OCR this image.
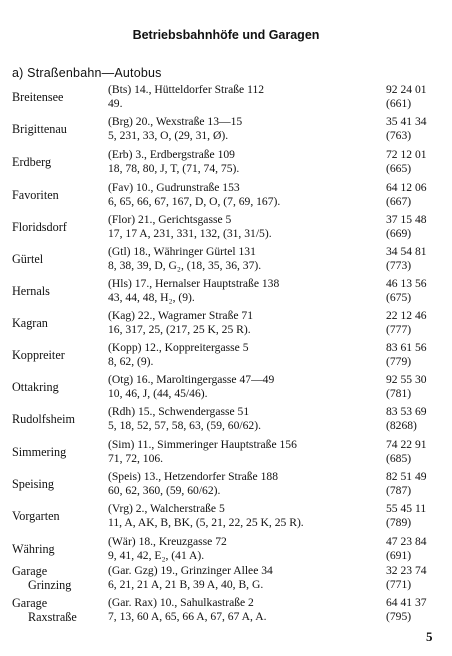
Betriebsbahnhöfe und Garagen
a) Straßenbahn—Autobus
Breitensee
(Bts) 14., Hütteldorfer Straße 112
49.
92 24 01
(661)
Brigittenau
(Brg) 20., Wexstraße 13—15
5, 231, 33, O, (29, 31, Ø).
35 41 34
(763)
Erdberg
(Erb) 3., Erdbergstraße 109
18, 78, 80, J, T, (71, 74, 75).
72 12 01
(665)
Favoriten
(Fav) 10., Gudrunstraße 153
6, 65, 66, 67, 167, D, O, (7, 69, 167).
64 12 06
(667)
Floridsdorf
(Flor) 21., Gerichtsgasse 5
17, 17 A, 231, 331, 132, (31, 31/5).
37 15 48
(669)
Gürtel
(Gtl) 18., Währinger Gürtel 131
8, 38, 39, D, G₂, (18, 35, 36, 37).
34 54 81
(773)
Hernals
(Hls) 17., Hernalser Hauptstraße 138
43, 44, 48, H₂, (9).
46 13 56
(675)
Kagran
(Kag) 22., Wagramer Straße 71
16, 317, 25, (217, 25 K, 25 R).
22 12 46
(777)
Koppreiter
(Kopp) 12., Koppreitergasse 5
8, 62, (9).
83 61 56
(779)
Ottakring
(Otg) 16., Maroltingergasse 47—49
10, 46, J, (44, 45/46).
92 55 30
(781)
Rudolfsheim
(Rdh) 15., Schwendergasse 51
5, 18, 52, 57, 58, 63, (59, 60/62).
83 53 69
(8268)
Simmering
(Sim) 11., Simmeringer Hauptstraße 156
71, 72, 106.
74 22 91
(685)
Speising
(Speis) 13., Hetzendorfer Straße 188
60, 62, 360, (59, 60/62).
82 51 49
(787)
Vorgarten
(Vrg) 2., Walcherstraße 5
11, A, AK, B, BK, (5, 21, 22, 25 K, 25 R).
55 45 11
(789)
Währing
(Wär) 18., Kreuzgasse 72
9, 41, 42, E₂, (41 A).
47 23 84
(691)
Garage
Grinzing
(Gar. Gzg) 19., Grinzinger Allee 34
6, 21, 21 A, 21 B, 39 A, 40, B, G.
32 23 74
(771)
Garage
Raxstraße
(Gar. Rax) 10., Sahulkastraße 2
7, 13, 60 A, 65, 66 A, 67, 67 A, A.
64 41 37
(795)
5
